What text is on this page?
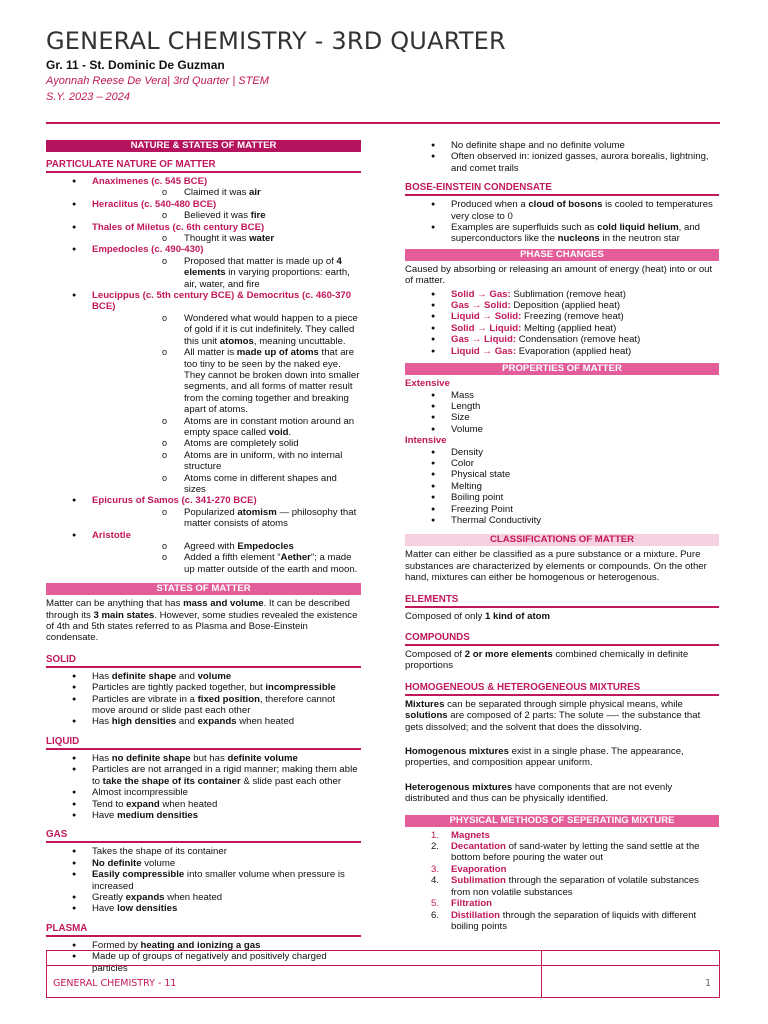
GENERAL CHEMISTRY - 3RD QUARTER
Gr. 11 - St. Dominic De Guzman
Ayonnah Reese De Vera| 3rd Quarter | STEM
S.Y. 2023 – 2024
NATURE & STATES OF MATTER
PARTICULATE NATURE OF MATTER
● Anaximenes (c. 545 BCE)
o Claimed it was air
● Heraclitus (c. 540-480 BCE)
o Believed it was fire
● Thales of Miletus (c. 6th century BCE)
o Thought it was water
● Empedocles (c. 490-430)
o Proposed that matter is made up of 4 elements in varying proportions: earth, air, water, and fire
● Leucippus (c. 5th century BCE) & Democritus (c. 460-370 BCE)
o Wondered what would happen to a piece of gold if it is cut indefinitely. They called this unit atomos, meaning uncuttable.
o All matter is made up of atoms that are too tiny to be seen by the naked eye. They cannot be broken down into smaller segments, and all forms of matter result from the coming together and breaking apart of atoms.
o Atoms are in constant motion around an empty space called void.
o Atoms are completely solid
o Atoms are in uniform, with no internal structure
o Atoms come in different shapes and sizes
● Epicurus of Samos (c. 341-270 BCE)
o Popularized atomism — philosophy that matter consists of atoms
● Aristotle
o Agreed with Empedocles
o Added a fifth element “Aether”; a made up matter outside of the earth and moon.
STATES OF MATTER
Matter can be anything that has mass and volume. It can be described through its 3 main states. However, some studies revealed the existence of 4th and 5th states referred to as Plasma and Bose-Einstein condensate.
SOLID
● Has definite shape and volume
● Particles are tightly packed together, but incompressible
● Particles are vibrate in a fixed position, therefore cannot move around or slide past each other
● Has high densities and expands when heated
LIQUID
● Has no definite shape but has definite volume
● Particles are not arranged in a rigid manner; making them able to take the shape of its container & slide past each other
● Almost incompressible
● Tend to expand when heated
● Have medium densities
GAS
● Takes the shape of its container
● No definite volume
● Easily compressible into smaller volume when pressure is increased
● Greatly expands when heated
● Have low densities
PLASMA
● Formed by heating and ionizing a gas
● Made up of groups of negatively and positively charged particles
● No definite shape and no definite volume
● Often observed in: ionized gasses, aurora borealis, lightning, and comet trails
BOSE-EINSTEIN CONDENSATE
● Produced when a cloud of bosons is cooled to temperatures very close to 0
● Examples are superfluids such as cold liquid helium, and superconductors like the nucleons in the neutron star
PHASE CHANGES
Caused by absorbing or releasing an amount of energy (heat) into or out of matter.
● Solid → Gas: Sublimation (remove heat)
● Gas → Solid: Deposition (applied heat)
● Liquid → Solid: Freezing (remove heat)
● Solid → Liquid: Melting (applied heat)
● Gas → Liquid: Condensation (remove heat)
● Liquid → Gas: Evaporation (applied heat)
PROPERTIES OF MATTER
Extensive
● Mass
● Length
● Size
● Volume
Intensive
● Density
● Color
● Physical state
● Melting
● Boiling point
● Freezing Point
● Thermal Conductivity
CLASSIFICATIONS OF MATTER
Matter can either be classified as a pure substance or a mixture. Pure substances are characterized by elements or compounds. On the other hand, mixtures can either be homogenous or heterogenous.
ELEMENTS
Composed of only 1 kind of atom
COMPOUNDS
Composed of 2 or more elements combined chemically in definite proportions
HOMOGENEOUS & HETEROGENEOUS MIXTURES
Mixtures can be separated through simple physical means, while solutions are composed of 2 parts: The solute —- the substance that gets dissolved; and the solvent that does the dissolving.
Homogenous mixtures exist in a single phase. The appearance, properties, and composition appear uniform.
Heterogenous mixtures have components that are not evenly distributed and thus can be physically identified.
PHYSICAL METHODS OF SEPERATING MIXTURE
1. Magnets
2. Decantation of sand-water by letting the sand settle at the bottom before pouring the water out
3. Evaporation
4. Sublimation through the separation of volatile substances from non volatile substances
5. Filtration
6. Distillation through the separation of liquids with different boiling points
GENERAL CHEMISTRY - 11	1
